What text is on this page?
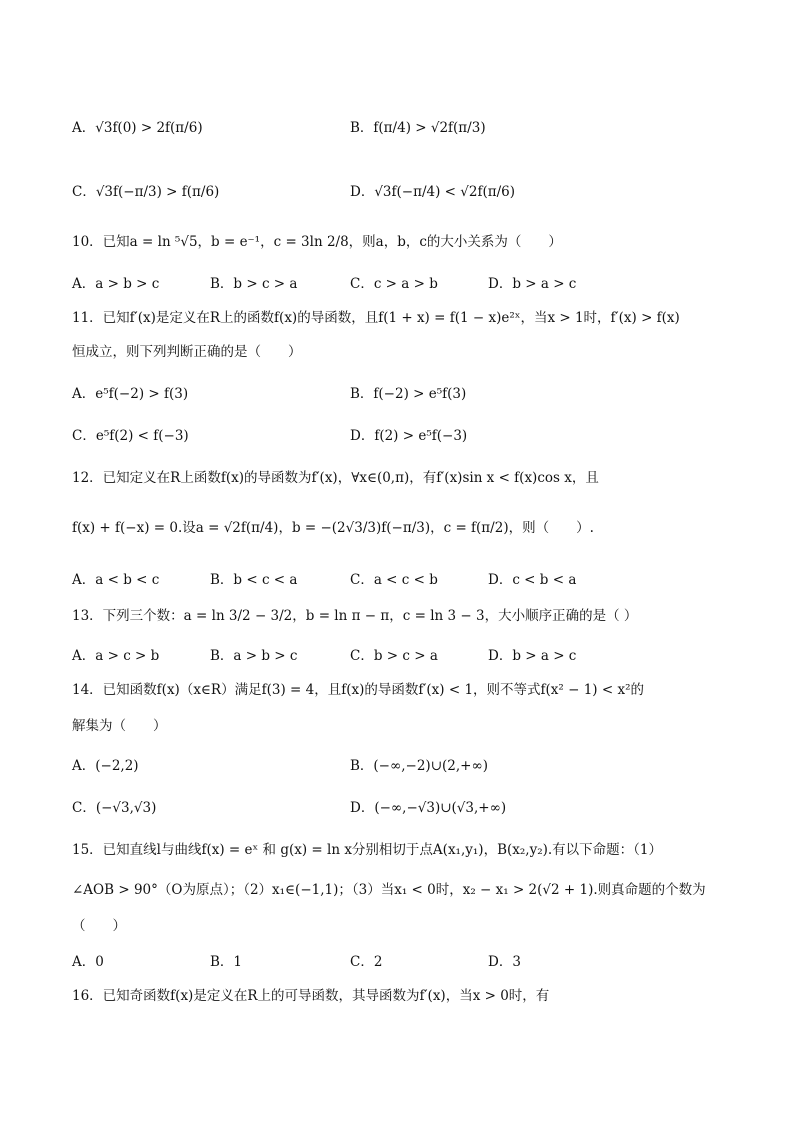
A．√3f(0) > 2f(π/6)	B．f(π/4) > √2f(π/3)
C．√3f(−π/3) > f(π/6)	D．√3f(−π/4) < √2f(π/6)
10．已知a = ln ⁵√5，b = e⁻¹，c = 3ln 2/8，则a，b，c的大小关系为（　　）
A．a > b > c	B．b > c > a	C．c > a > b	D．b > a > c
11．已知f′(x)是定义在R上的函数f(x)的导函数，且f(1 + x) = f(1 − x)e²ˣ，当x > 1时，f′(x) > f(x)
恒成立，则下列判断正确的是（　　）
A．e⁵f(−2) > f(3)	B．f(−2) > e⁵f(3)
C．e⁵f(2) < f(−3)	D．f(2) > e⁵f(−3)
12．已知定义在R上函数f(x)的导函数为f′(x)，∀x∈(0,π)，有f′(x)sin x < f(x)cos x，且
f(x) + f(−x) = 0.设a = √2f(π/4)，b = −(2√3/3)f(−π/3)，c = f(π/2)，则（　　）.
A．a < b < c	B．b < c < a	C．a < c < b	D．c < b < a
13．下列三个数：a = ln 3/2 − 3/2，b = ln π − π，c = ln 3 − 3，大小顺序正确的是（ ）
A．a > c > b	B．a > b > c	C．b > c > a	D．b > a > c
14．已知函数f(x)（x∈R）满足f(3) = 4，且f(x)的导函数f′(x) < 1，则不等式f(x² − 1) < x²的
解集为（　　）
A．(−2,2)	B．(−∞,−2)∪(2,+∞)
C．(−√3,√3)	D．(−∞,−√3)∪(√3,+∞)
15．已知直线l与曲线f(x) = eˣ 和 g(x) = ln x分别相切于点A(x₁,y₁)，B(x₂,y₂).有以下命题：（1）
∠AOB > 90°（O为原点）；（2）x₁∈(−1,1)；（3）当x₁ < 0时，x₂ − x₁ > 2(√2 + 1).则真命题的个数为
（　　）
A．0	B．1	C．2	D．3
16．已知奇函数f(x)是定义在R上的可导函数，其导函数为f′(x)，当x > 0时，有
